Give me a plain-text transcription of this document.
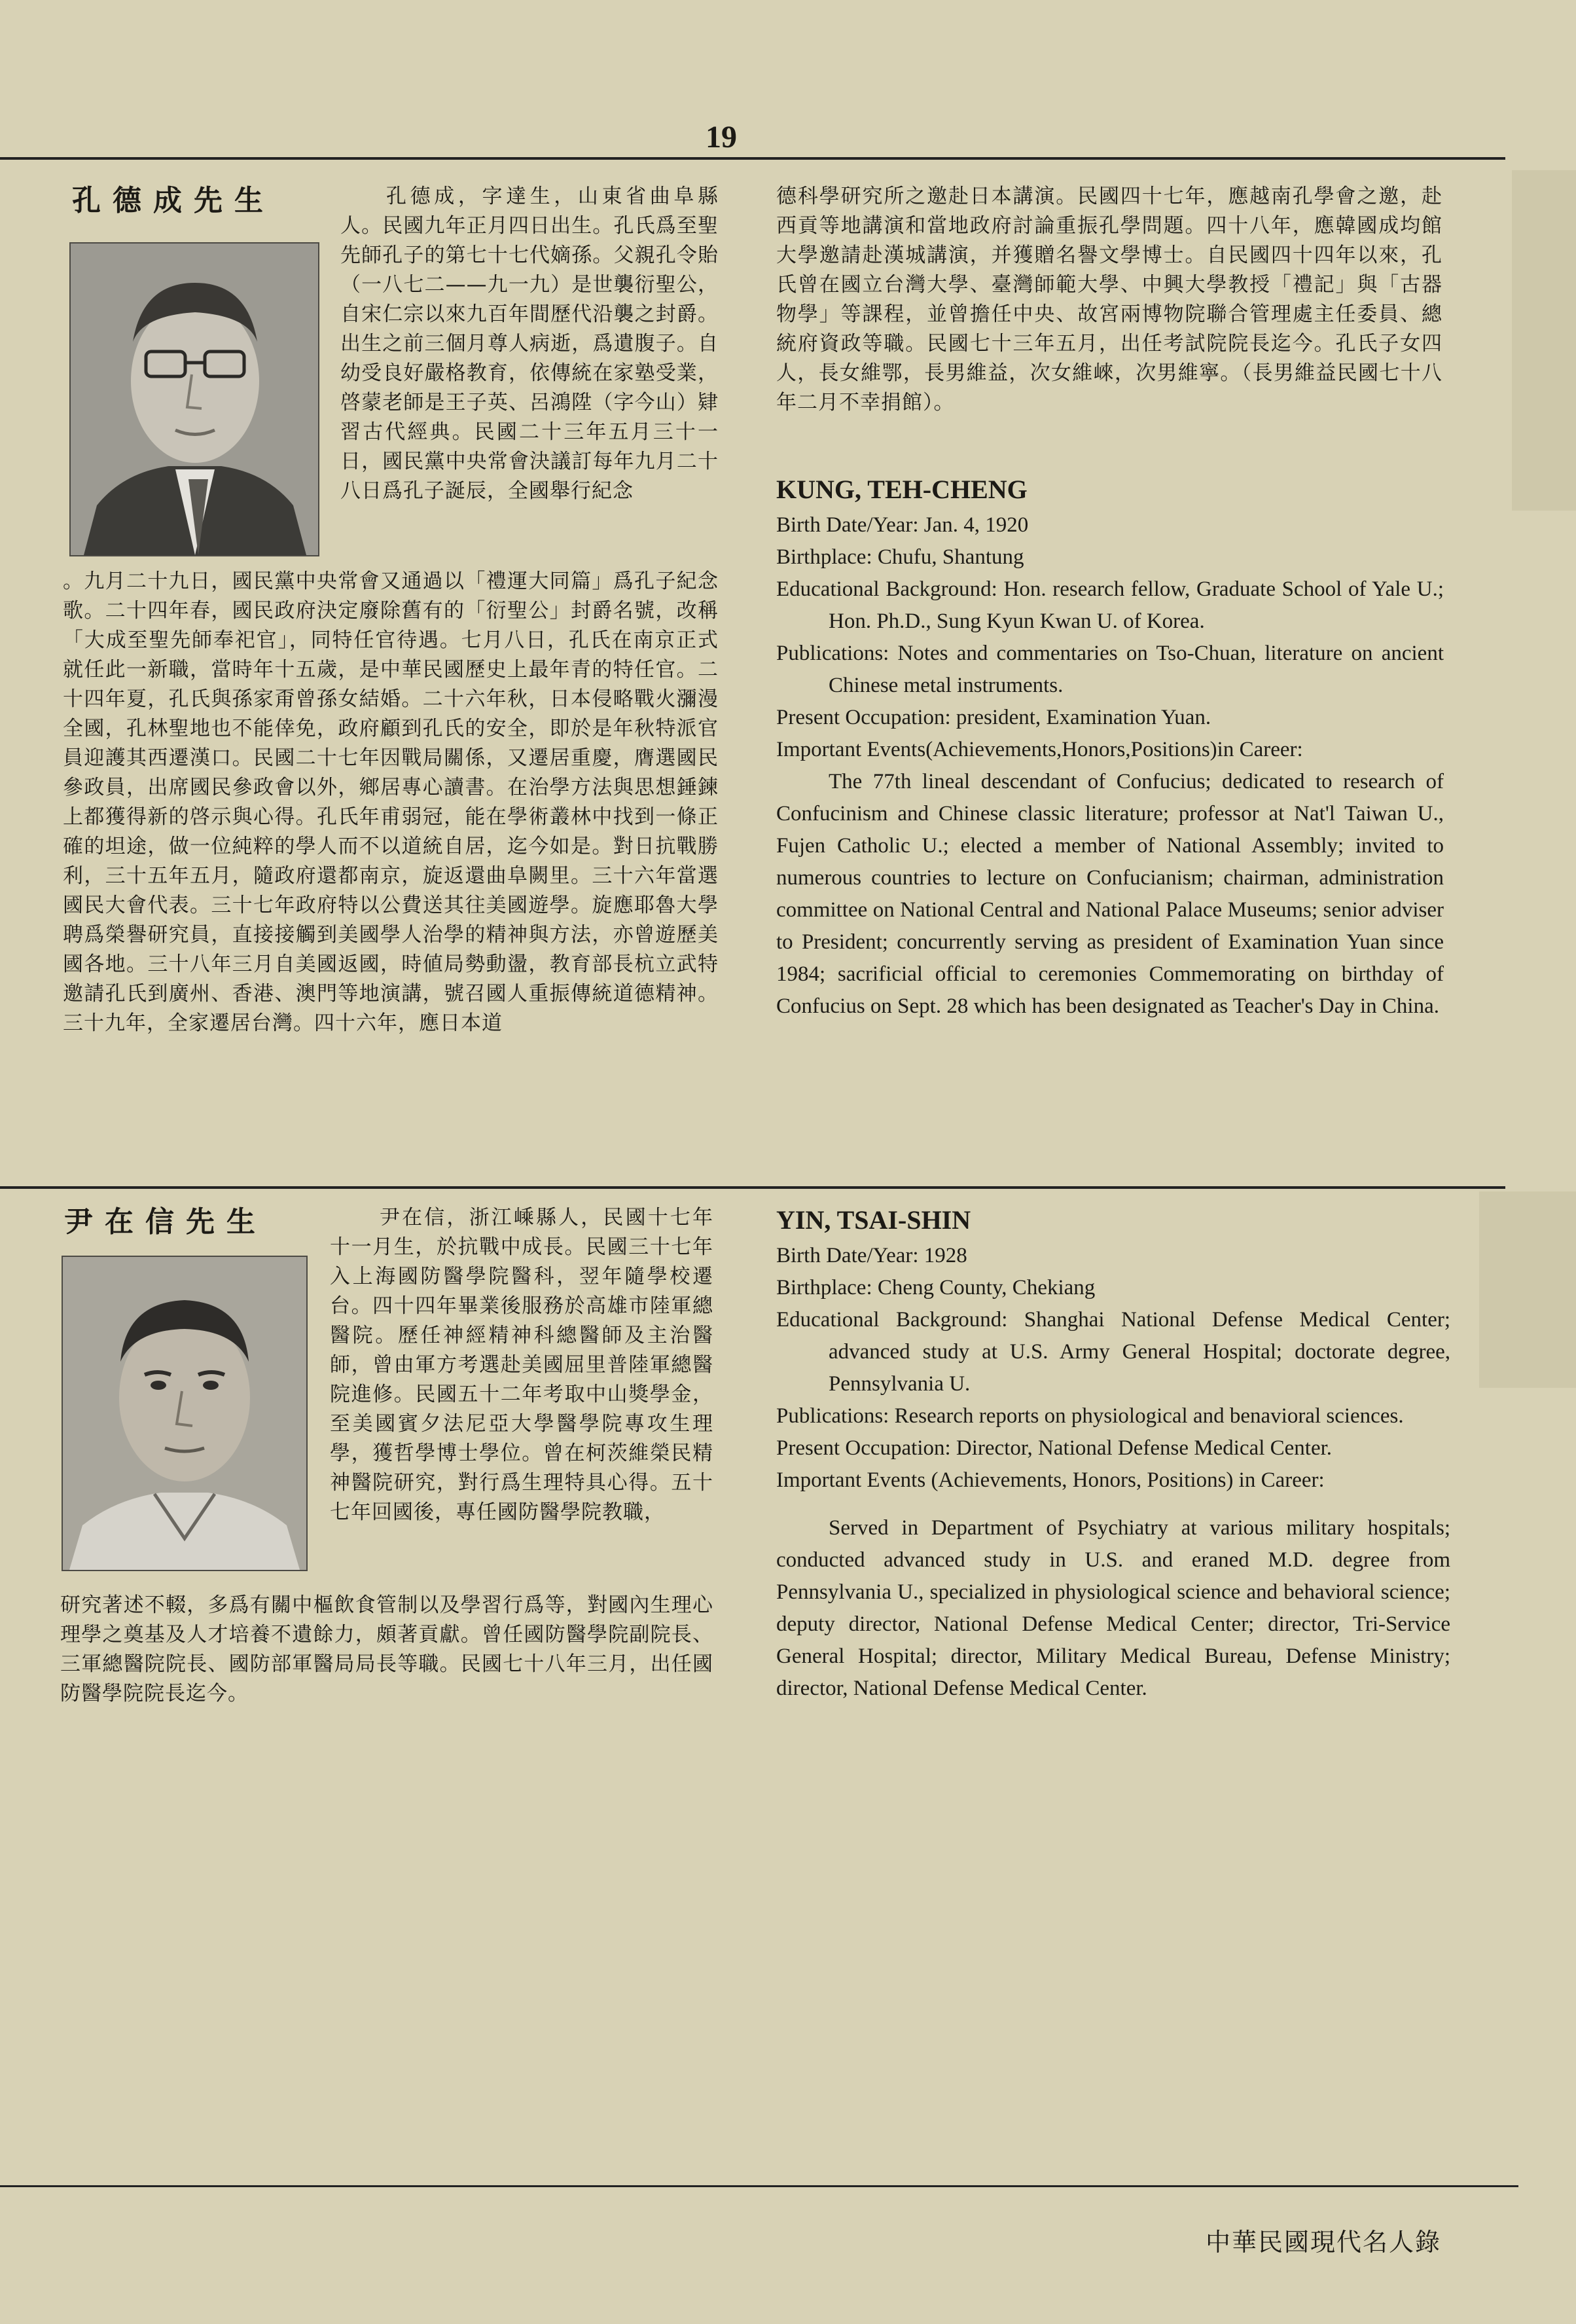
19
孔德成先生	孔德成，字達生，山東省曲阜縣人。民國九年正月四日出生。孔氏爲至聖先師孔子的第七十七代嫡孫。父親孔令貽（一八七二——九一九）是世襲衍聖公，自宋仁宗以來九百年間歷代沿襲之封爵。出生之前三個月尊人病逝，爲遺腹子。自幼受良好嚴格教育，依傳統在家塾受業，啓蒙老師是王子英、呂鴻陞（字今山）肄習古代經典。民國二十三年五月三十一日，國民黨中央常會決議訂每年九月二十八日爲孔子誕辰，全國舉行紀念

。九月二十九日，國民黨中央常會又通過以「禮運大同篇」爲孔子紀念歌。二十四年春，國民政府決定廢除舊有的「衍聖公」封爵名號，改稱「大成至聖先師奉祀官」，同特任官待遇。七月八日，孔氏在南京正式就任此一新職，當時年十五歲，是中華民國歷史上最年青的特任官。二十四年夏，孔氏與孫家甭曾孫女結婚。二十六年秋，日本侵略戰火瀰漫全國，孔林聖地也不能倖免，政府顧到孔氏的安全，即於是年秋特派官員迎護其西遷漢口。民國二十七年因戰局關係，又遷居重慶，膺選國民參政員，出席國民參政會以外，鄉居專心讀書。在治學方法與思想錘鍊上都獲得新的啓示與心得。孔氏年甫弱冠，能在學術叢林中找到一條正確的坦途，做一位純粹的學人而不以道統自居，迄今如是。對日抗戰勝利，三十五年五月，隨政府還都南京，旋返還曲阜闕里。三十六年當選國民大會代表。三十七年政府特以公費送其往美國遊學。旋應耶魯大學聘爲榮譽研究員，直接接觸到美國學人治學的精神與方法，亦曾遊歷美國各地。三十八年三月自美國返國，時値局勢動盪，教育部長杭立武特邀請孔氏到廣州、香港、澳門等地演講，號召國人重振傳統道德精神。三十九年，全家遷居台灣。四十六年，應日本道

德科學研究所之邀赴日本講演。民國四十七年，應越南孔學會之邀，赴西貢等地講演和當地政府討論重振孔學問題。四十八年，應韓國成均館大學邀請赴漢城講演，并獲贈名譽文學博士。自民國四十四年以來，孔氏曾在國立台灣大學、臺灣師範大學、中興大學教授「禮記」與「古器物學」等課程，並曾擔任中央、故宮兩博物院聯合管理處主任委員、總統府資政等職。民國七十三年五月，出任考試院院長迄今。孔氏子女四人，長女維鄂，長男維益，次女維崍，次男維寧。（長男維益民國七十八年二月不幸捐館）。

KUNG, TEH-CHENG

Birth Date/Year: Jan. 4, 1920

Birthplace: Chufu, Shantung

Educational Background: Hon. research fellow, Graduate School of Yale U.; Hon. Ph.D., Sung Kyun Kwan U. of Korea.

Publications: Notes and commentaries on Tso-Chuan, literature on ancient Chinese metal instruments.

Present Occupation: president, Examination Yuan.

Important Events(Achievements,Honors,Positions)in Career:

The 77th lineal descendant of Confucius; dedicated to research of Confucinism and Chinese classic literature; professor at Nat'l Taiwan U., Fujen Catholic U.; elected a member of National Assembly; invited to numerous countries to lecture on Confucianism; chairman, administration committee on National Central and National Palace Museums; senior adviser to President; concurrently serving as president of Examination Yuan since 1984; sacrificial official to ceremonies Commemorating on birthday of Confucius on Sept. 28 which has been designated as Teacher's Day in China.

尹在信先生	尹在信，浙江嵊縣人，民國十七年十一月生，於抗戰中成長。民國三十七年入上海國防醫學院醫科，翌年隨學校遷台。四十四年畢業後服務於高雄市陸軍總醫院。歷任神經精神科總醫師及主治醫師，曾由軍方考選赴美國屈里普陸軍總醫院進修。民國五十二年考取中山獎學金，至美國賓夕法尼亞大學醫學院專攻生理學，獲哲學博士學位。曾在柯茨維榮民精神醫院研究，對行爲生理特具心得。五十七年回國後，專任國防醫學院教職，

研究著述不輟，多爲有關中樞飲食管制以及學習行爲等，對國內生理心理學之奠基及人才培養不遺餘力，頗著貢獻。曾任國防醫學院副院長、三軍總醫院院長、國防部軍醫局局長等職。民國七十八年三月，出任國防醫學院院長迄今。

YIN, TSAI-SHIN

Birth Date/Year: 1928

Birthplace: Cheng County, Chekiang

Educational Background: Shanghai National Defense Medical Center; advanced study at U.S. Army General Hospital; doctorate degree, Pennsylvania U.

Publications: Research reports on physiological and benavioral sciences.

Present Occupation: Director, National Defense Medical Center.

Important Events (Achievements, Honors, Positions) in Career:

Served in Department of Psychiatry at various military hospitals; conducted advanced study in U.S. and eraned M.D. degree from Pennsylvania U., specialized in physiological science and behavioral science; deputy director, National Defense Medical Center; director, Tri-Service General Hospital; director, Military Medical Bureau, Defense Ministry; director, National Defense Medical Center.

中華民國現代名人錄
